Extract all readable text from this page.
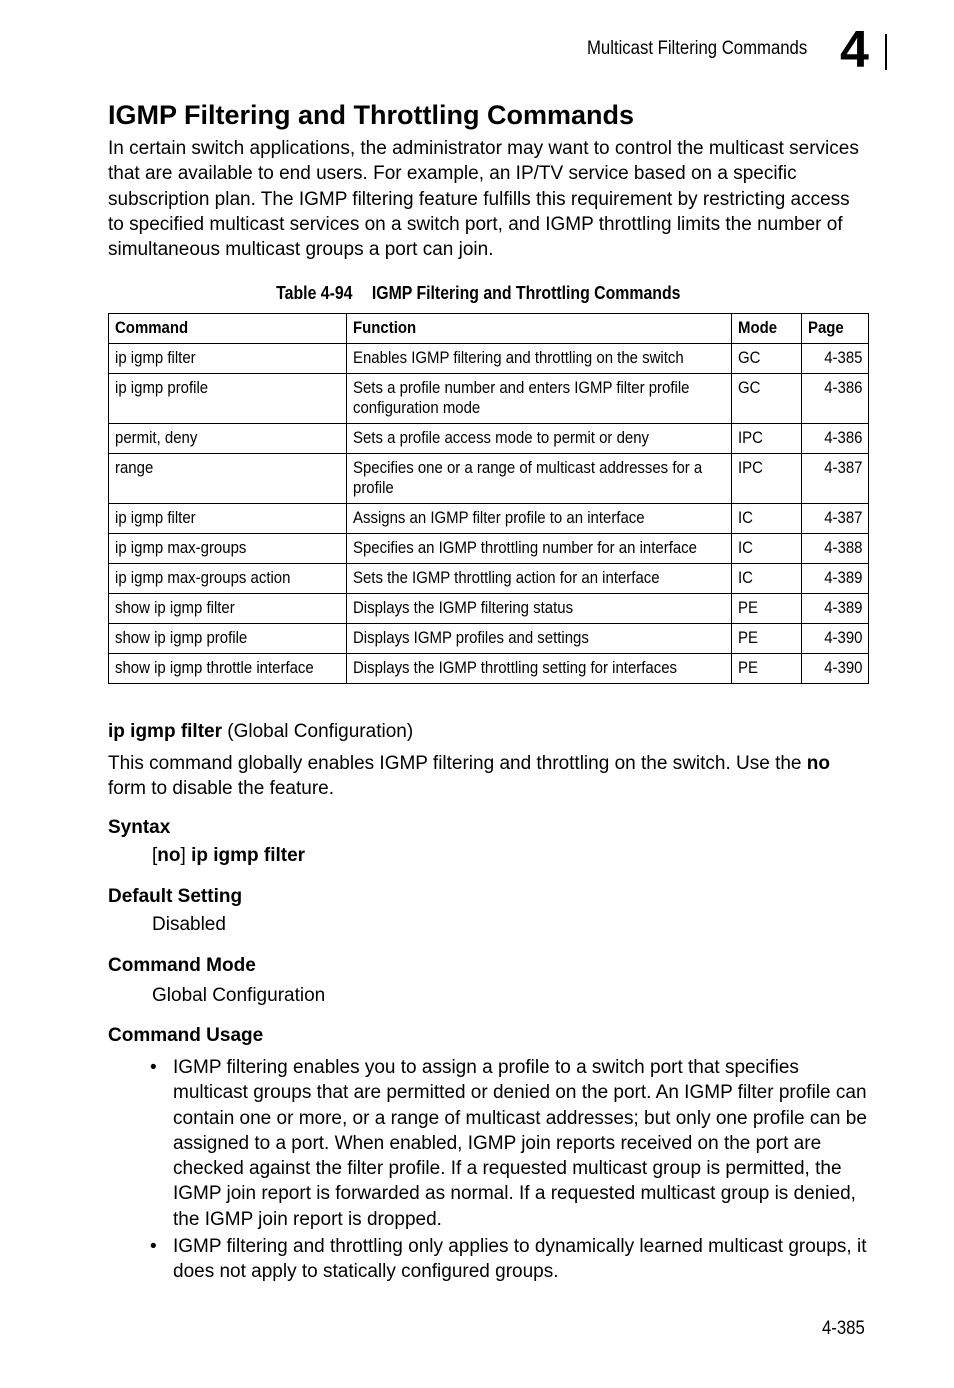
Multicast Filtering Commands 4
IGMP Filtering and Throttling Commands

In certain switch applications, the administrator may want to control the multicast services that are available to end users. For example, an IP/TV service based on a specific subscription plan. The IGMP filtering feature fulfills this requirement by restricting access to specified multicast services on a switch port, and IGMP throttling limits the number of simultaneous multicast groups a port can join.

Table 4-94 IGMP Filtering and Throttling Commands
Command	Function	Mode	Page
ip igmp filter	Enables IGMP filtering and throttling on the switch	GC	4-385
ip igmp profile	Sets a profile number and enters IGMP filter profile configuration mode	GC	4-386
permit, deny	Sets a profile access mode to permit or deny	IPC	4-386
range	Specifies one or a range of multicast addresses for a profile	IPC	4-387
ip igmp filter	Assigns an IGMP filter profile to an interface	IC	4-387
ip igmp max-groups	Specifies an IGMP throttling number for an interface	IC	4-388
ip igmp max-groups action	Sets the IGMP throttling action for an interface	IC	4-389
show ip igmp filter	Displays the IGMP filtering status	PE	4-389
show ip igmp profile	Displays IGMP profiles and settings	PE	4-390
show ip igmp throttle interface	Displays the IGMP throttling setting for interfaces	PE	4-390

ip igmp filter (Global Configuration)

This command globally enables IGMP filtering and throttling on the switch. Use the no form to disable the feature.

Syntax

[no] ip igmp filter

Default Setting

Disabled

Command Mode

Global Configuration

Command Usage

• IGMP filtering enables you to assign a profile to a switch port that specifies multicast groups that are permitted or denied on the port. An IGMP filter profile can contain one or more, or a range of multicast addresses; but only one profile can be assigned to a port. When enabled, IGMP join reports received on the port are checked against the filter profile. If a requested multicast group is permitted, the IGMP join report is forwarded as normal. If a requested multicast group is denied, the IGMP join report is dropped.
• IGMP filtering and throttling only applies to dynamically learned multicast groups, it does not apply to statically configured groups.
4-385
